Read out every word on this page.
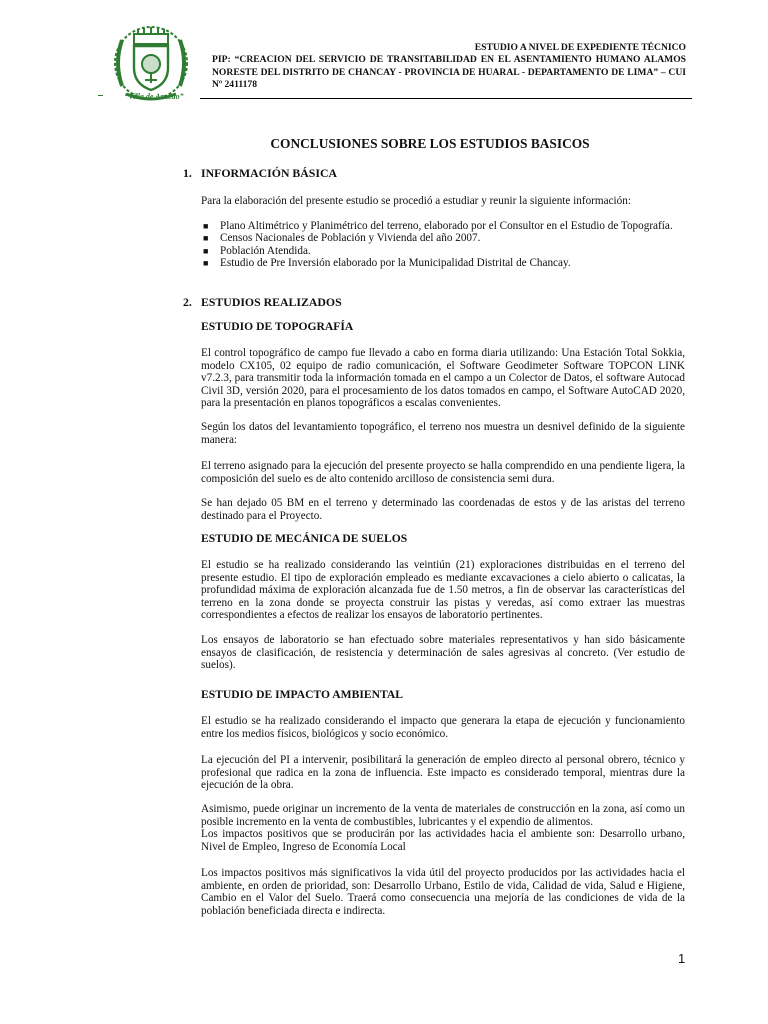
“Villa de Arnedo”
ESTUDIO A NIVEL DE EXPEDIENTE TÉCNICO
PIP: “CREACION DEL SERVICIO DE TRANSITABILIDAD EN EL ASENTAMIENTO HUMANO ALAMOS NORESTE DEL DISTRITO DE CHANCAY - PROVINCIA DE HUARAL - DEPARTAMENTO DE LIMA” – CUI Nº 2411178
CONCLUSIONES SOBRE LOS ESTUDIOS BASICOS
1. INFORMACIÓN BÁSICA
Para la elaboración del presente estudio se procedió a estudiar y reunir la siguiente información:
■ Plano Altimétrico y Planimétrico del terreno, elaborado por el Consultor en el Estudio de Topografía.
■ Censos Nacionales de Población y Vivienda del año 2007.
■ Población Atendida.
■ Estudio de Pre Inversión elaborado por la Municipalidad Distrital de Chancay.
2. ESTUDIOS REALIZADOS
ESTUDIO DE TOPOGRAFÍA
El control topográfico de campo fue llevado a cabo en forma diaria utilizando: Una Estación Total Sokkia, modelo CX105, 02 equipo de radio comunicación, el Software Geodimeter Software TOPCON LINK v7.2.3, para transmitir toda la información tomada en el campo a un Colector de Datos, el software Autocad Civil 3D, versión 2020, para el procesamiento de los datos tomados en campo, el Software AutoCAD 2020, para la presentación en planos topográficos a escalas convenientes.
Según los datos del levantamiento topográfico, el terreno nos muestra un desnivel definido de la siguiente manera:
El terreno asignado para la ejecución del presente proyecto se halla comprendido en una pendiente ligera, la composición del suelo es de alto contenido arcilloso de consistencia semi dura.
Se han dejado 05 BM en el terreno y determinado las coordenadas de estos y de las aristas del terreno destinado para el Proyecto.
ESTUDIO DE MECÁNICA DE SUELOS
El estudio se ha realizado considerando las veintiún (21) exploraciones distribuidas en el terreno del presente estudio. El tipo de exploración empleado es mediante excavaciones a cielo abierto o calicatas, la profundidad máxima de exploración alcanzada fue de 1.50 metros, a fin de observar las características del terreno en la zona donde se proyecta construir las pistas y veredas, así como extraer las muestras correspondientes a efectos de realizar los ensayos de laboratorio pertinentes.
Los ensayos de laboratorio se han efectuado sobre materiales representativos y han sido básicamente ensayos de clasificación, de resistencia y determinación de sales agresivas al concreto. (Ver estudio de suelos).
ESTUDIO DE IMPACTO AMBIENTAL
El estudio se ha realizado considerando el impacto que generara la etapa de ejecución y funcionamiento entre los medios físicos, biológicos y socio económico.
La ejecución del PI a intervenir, posibilitará la generación de empleo directo al personal obrero, técnico y profesional que radica en la zona de influencia. Este impacto es considerado temporal, mientras dure la ejecución de la obra.
Asimismo, puede originar un incremento de la venta de materiales de construcción en la zona, así como un posible incremento en la venta de combustibles, lubricantes y el expendio de alimentos.
Los impactos positivos que se producirán por las actividades hacia el ambiente son: Desarrollo urbano, Nivel de Empleo, Ingreso de Economía Local
Los impactos positivos más significativos la vida útil del proyecto producidos por las actividades hacia el ambiente, en orden de prioridad, son: Desarrollo Urbano, Estilo de vida, Calidad de vida, Salud e Higiene, Cambio en el Valor del Suelo. Traerá como consecuencia una mejoría de las condiciones de vida de la población beneficiada directa e indirecta.
1
